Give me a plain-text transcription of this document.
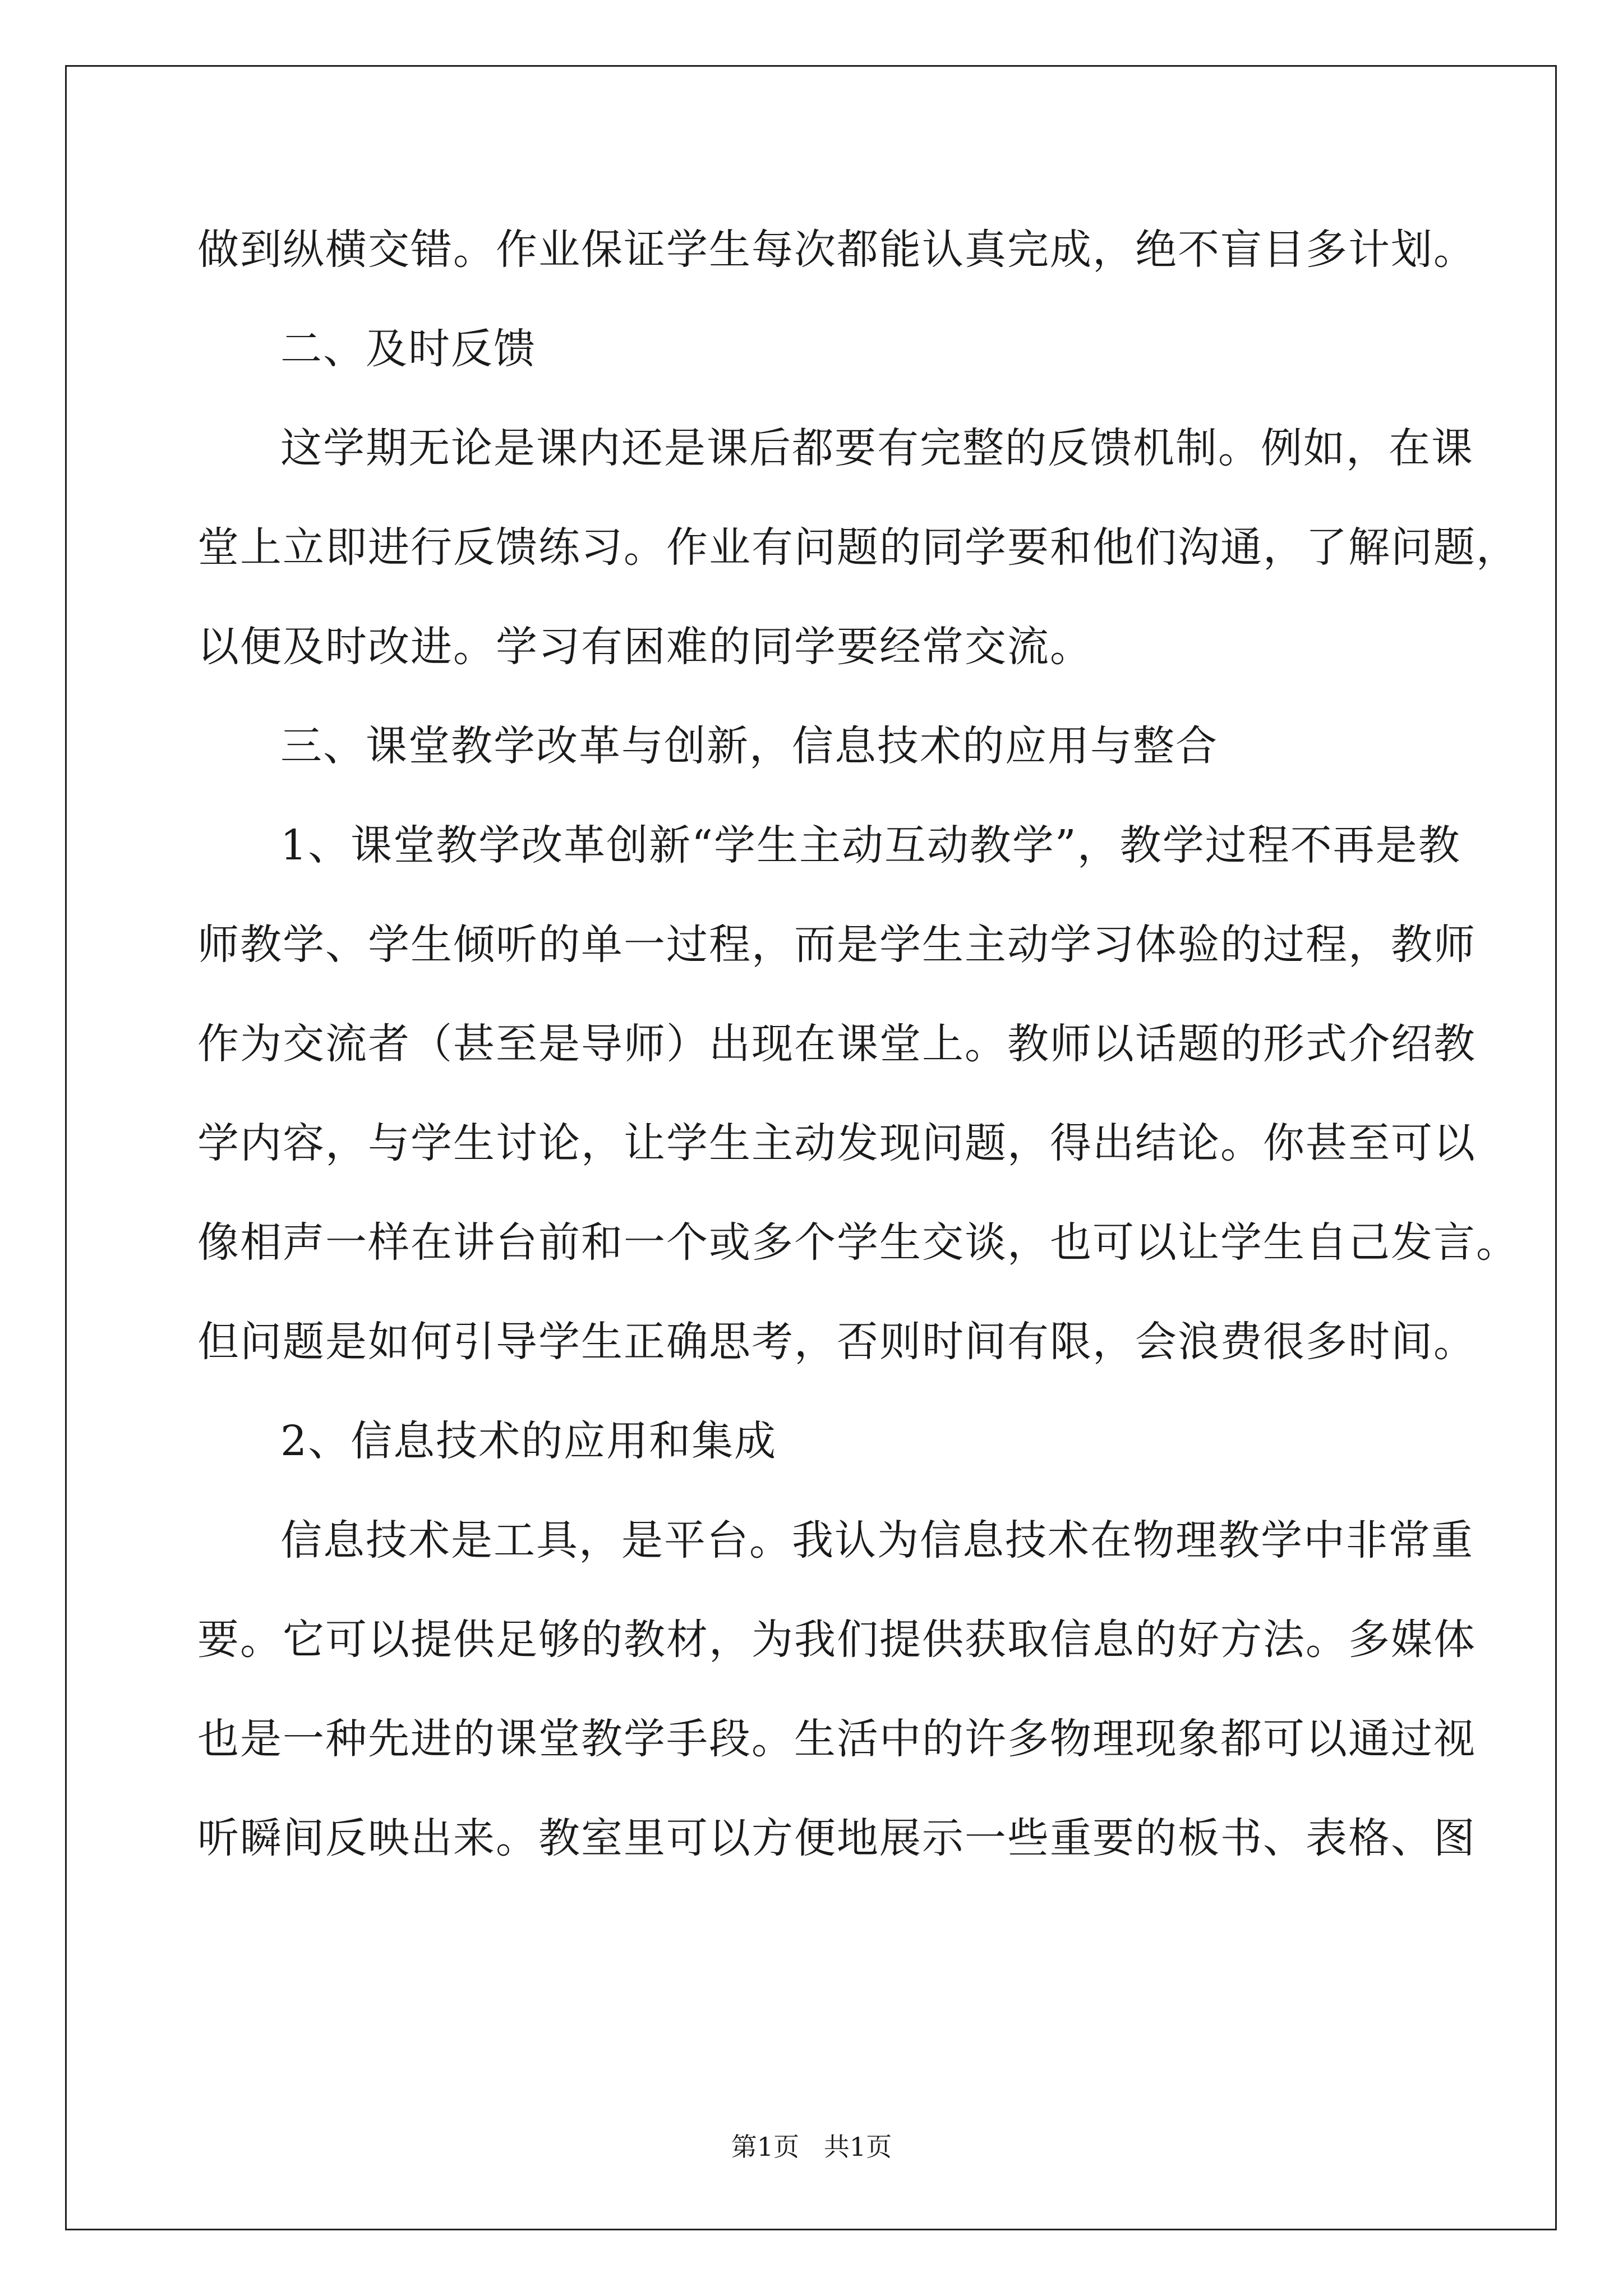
做到纵横交错。作业保证学生每次都能认真完成，绝不盲目多计划。
二、及时反馈
这学期无论是课内还是课后都要有完整的反馈机制。例如，在课
堂上立即进行反馈练习。作业有问题的同学要和他们沟通，了解问题，
以便及时改进。学习有困难的同学要经常交流。
三、课堂教学改革与创新，信息技术的应用与整合
1、课堂教学改革创新“学生主动互动教学”，教学过程不再是教
师教学、学生倾听的单一过程，而是学生主动学习体验的过程，教师
作为交流者（甚至是导师）出现在课堂上。教师以话题的形式介绍教
学内容，与学生讨论，让学生主动发现问题，得出结论。你甚至可以
像相声一样在讲台前和一个或多个学生交谈，也可以让学生自己发言。
但问题是如何引导学生正确思考，否则时间有限，会浪费很多时间。
2、信息技术的应用和集成
信息技术是工具，是平台。我认为信息技术在物理教学中非常重
要。它可以提供足够的教材，为我们提供获取信息的好方法。多媒体
也是一种先进的课堂教学手段。生活中的许多物理现象都可以通过视
听瞬间反映出来。教室里可以方便地展示一些重要的板书、表格、图
第1页   共1页
